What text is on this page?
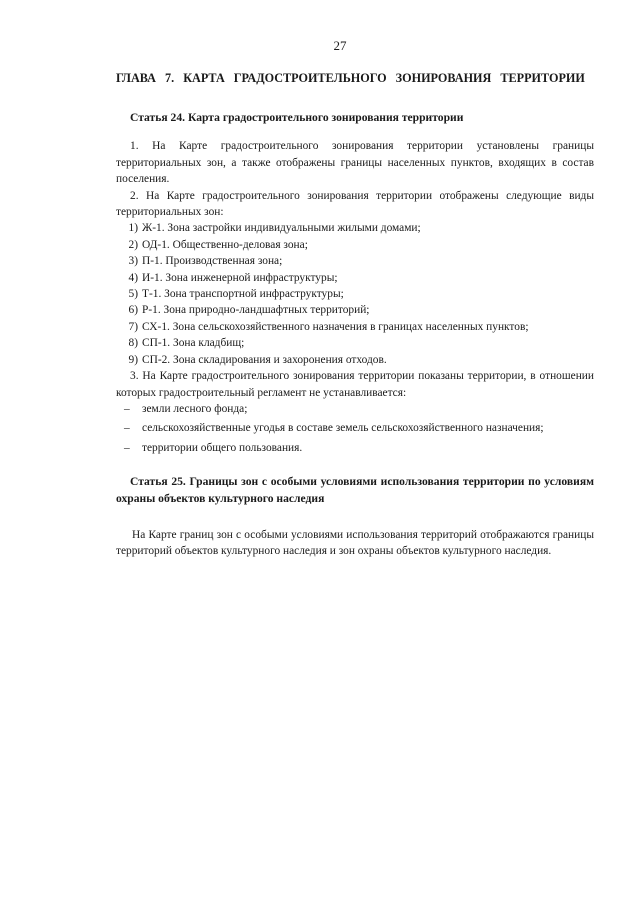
27
ГЛАВА 7. КАРТА ГРАДОСТРОИТЕЛЬНОГО ЗОНИРОВАНИЯ ТЕРРИТОРИИ
Статья 24. Карта градостроительного зонирования территории

1. На Карте градостроительного зонирования территории установлены границы территориальных зон, а также отображены границы населенных пунктов, входящих в состав поселения.

2. На Карте градостроительного зонирования территории отображены следующие виды территориальных зон:

1) Ж-1. Зона застройки индивидуальными жилыми домами;
2) ОД-1. Общественно-деловая зона;
3) П-1. Производственная зона;
4) И-1. Зона инженерной инфраструктуры;
5) Т-1. Зона транспортной инфраструктуры;
6) Р-1. Зона природно-ландшафтных территорий;
7) СХ-1. Зона сельскохозяйственного назначения в границах населенных пунктов;
8) СП-1. Зона кладбищ;
9) СП-2. Зона складирования и захоронения отходов.

3. На Карте градостроительного зонирования территории показаны территории, в отношении которых градостроительный регламент не устанавливается:

– земли лесного фонда;
– сельскохозяйственные угодья в составе земель сельскохозяйственного назначения;
– территории общего пользования.
Статья 25. Границы зон с особыми условиями использования территории по условиям охраны объектов культурного наследия

На Карте границ зон с особыми условиями использования территорий отображаются границы территорий объектов культурного наследия и зон охраны объектов культурного наследия.
